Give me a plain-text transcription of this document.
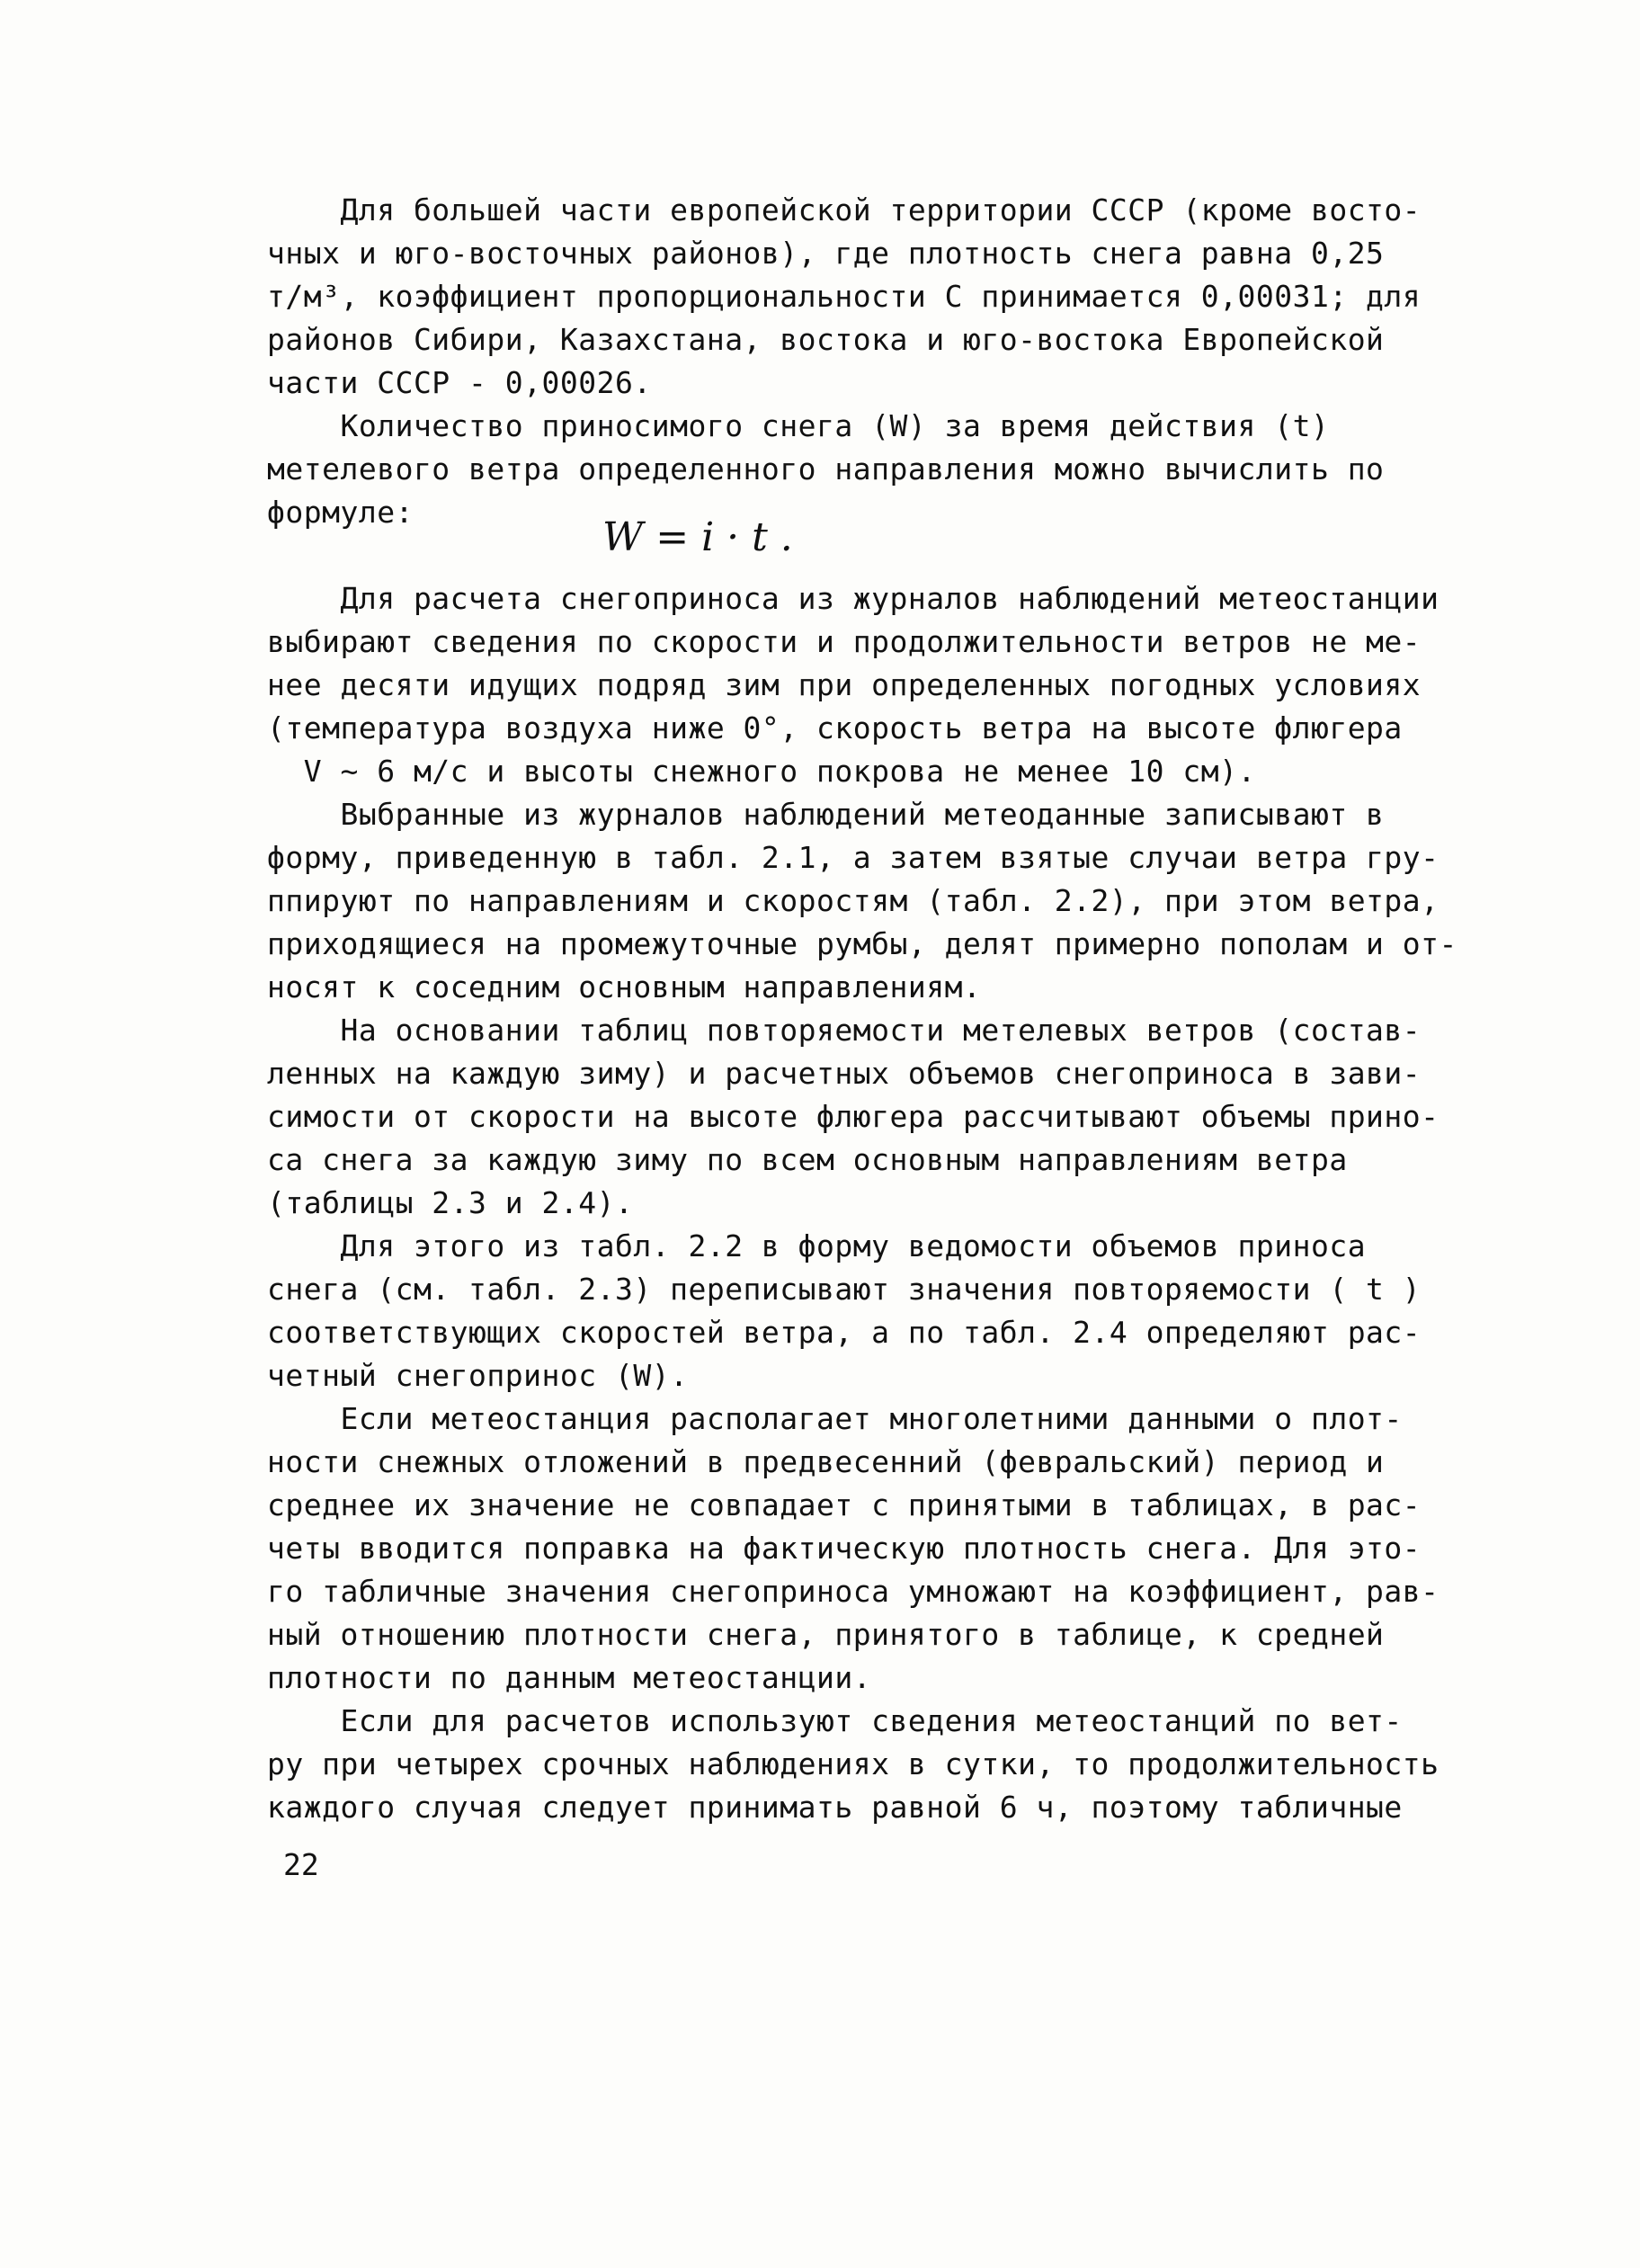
Для большей части европейской территории СССР (кроме восто-
чных и юго-восточных районов), где плотность снега равна 0,25
т/м³, коэффициент пропорциональности C принимается 0,00031; для
районов Сибири, Казахстана, востока и юго-востока Европейской
части СССР - 0,00026.
Количество приносимого снега (W) за время действия (t)
метелевого ветра определенного направления можно вычислить по
формуле:
W = i · t .
Для расчета снегоприноса из журналов наблюдений метеостанции
выбирают сведения по скорости и продолжительности ветров не ме-
нее десяти идущих подряд зим при определенных погодных условиях
(температура воздуха ниже 0°, скорость ветра на высоте флюгера
V ~ 6 м/с и высоты снежного покрова не менее 10 см).
Выбранные из журналов наблюдений метеоданные записывают в
форму, приведенную в табл. 2.1, а затем взятые случаи ветра гру-
ппируют по направлениям и скоростям (табл. 2.2), при этом ветра,
приходящиеся на промежуточные румбы, делят примерно пополам и от-
носят к соседним основным направлениям.
На основании таблиц повторяемости метелевых ветров (состав-
ленных на каждую зиму) и расчетных объемов снегоприноса в зави-
симости от скорости на высоте флюгера рассчитывают объемы прино-
са снега за каждую зиму по всем основным направлениям ветра
(таблицы 2.3 и 2.4).
Для этого из табл. 2.2 в форму ведомости объемов приноса
снега (см. табл. 2.3) переписывают значения повторяемости ( t )
соответствующих скоростей ветра, а по табл. 2.4 определяют рас-
четный снегопринос (W).
Если метеостанция располагает многолетними данными о плот-
ности снежных отложений в предвесенний (февральский) период и
среднее их значение не совпадает с принятыми в таблицах, в рас-
четы вводится поправка на фактическую плотность снега. Для это-
го табличные значения снегоприноса умножают на коэффициент, рав-
ный отношению плотности снега, принятого в таблице, к средней
плотности по данным метеостанции.
Если для расчетов используют сведения метеостанций по вет-
ру при четырех срочных наблюдениях в сутки, то продолжительность
каждого случая следует принимать равной 6 ч, поэтому табличные
22
